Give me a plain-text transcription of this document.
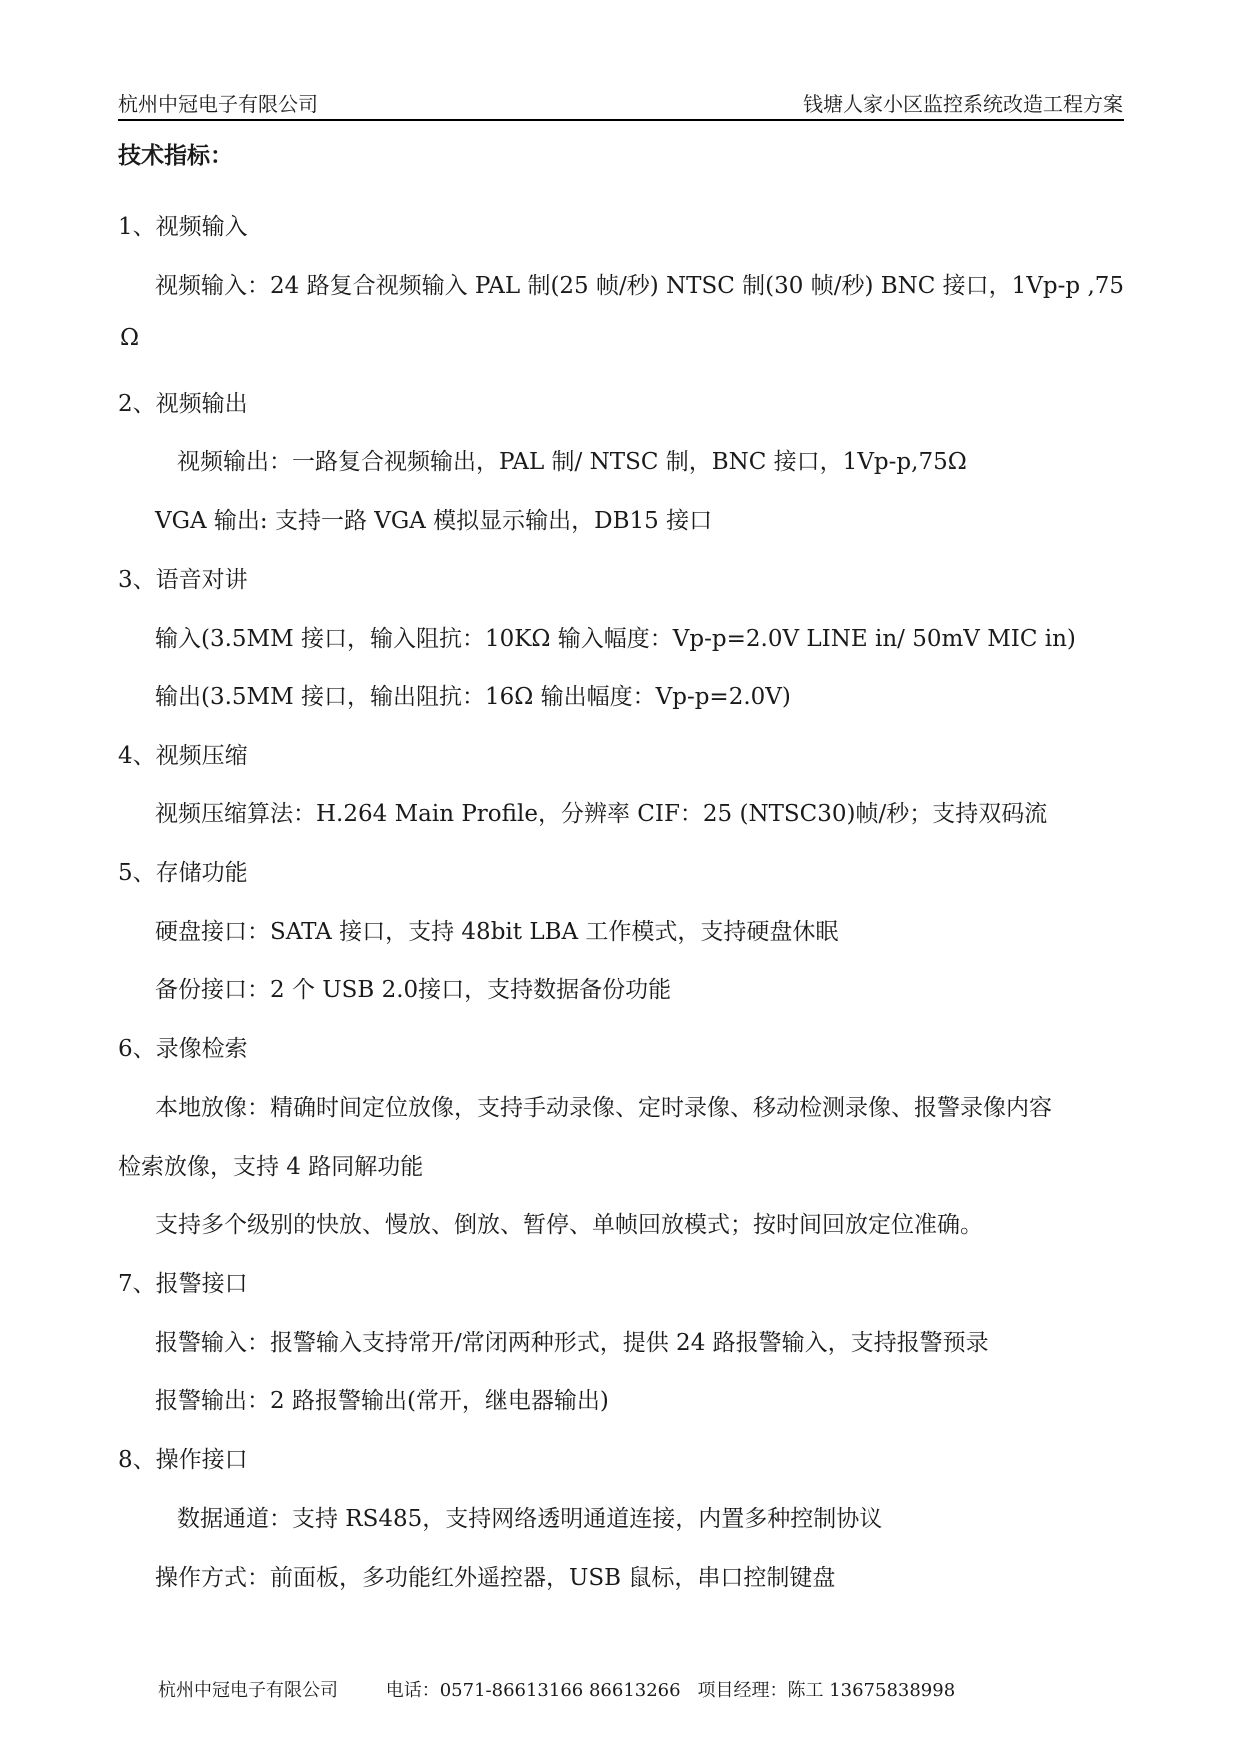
杭州中冠电子有限公司	钱塘人家小区监控系统改造工程方案
技术指标：
1、视频输入
视频输入：24 路复合视频输入 PAL 制(25 帧/秒) NTSC 制(30 帧/秒) BNC 接口，1Vp-p ,75
Ω
2、视频输出
视频输出：一路复合视频输出，PAL 制/ NTSC 制，BNC 接口，1Vp-p,75Ω
VGA 输出: 支持一路 VGA 模拟显示输出，DB15 接口
3、语音对讲
输入(3.5MM 接口，输入阻抗：10KΩ 输入幅度：Vp-p=2.0V LINE in/ 50mV MIC in)
输出(3.5MM 接口，输出阻抗：16Ω 输出幅度：Vp-p=2.0V)
4、视频压缩
视频压缩算法：H.264 Main Profile，分辨率 CIF：25 (NTSC30)帧/秒；支持双码流
5、存储功能
硬盘接口：SATA 接口，支持 48bit LBA 工作模式，支持硬盘休眠
备份接口：2 个 USB 2.0接口，支持数据备份功能
6、录像检索
本地放像：精确时间定位放像，支持手动录像、定时录像、移动检测录像、报警录像内容
检索放像，支持 4 路同解功能
支持多个级别的快放、慢放、倒放、暂停、单帧回放模式；按时间回放定位准确。
7、报警接口
报警输入：报警输入支持常开/常闭两种形式，提供 24 路报警输入，支持报警预录
报警输出：2 路报警输出(常开，继电器输出)
8、操作接口
数据通道：支持 RS485，支持网络透明通道连接，内置多种控制协议
操作方式：前面板，多功能红外遥控器，USB 鼠标，串口控制键盘
杭州中冠电子有限公司	电话：0571-86613166 86613266 项目经理：陈工 13675838998
